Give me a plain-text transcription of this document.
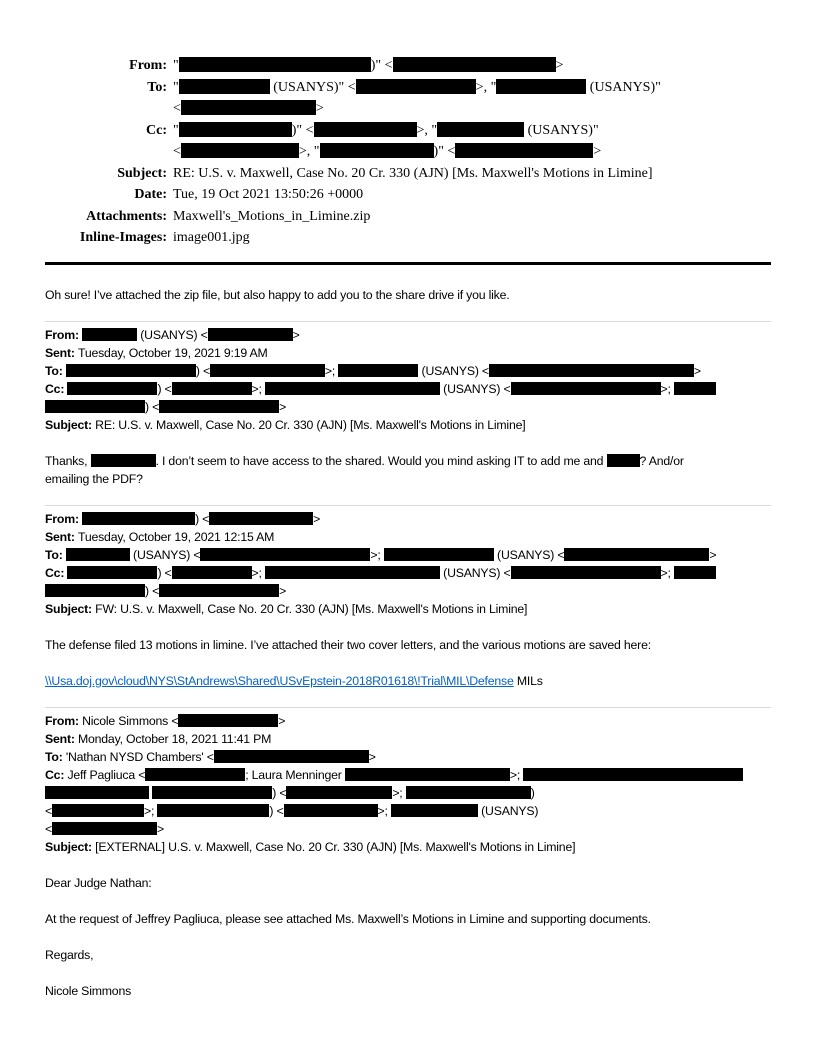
From: "	)" <	>
To: "	(USANYS)" <	>, "	(USANYS)"
<	>
Cc: "	)" <	>, "	(USANYS)"
<	>, "	)" <	>
Subject: RE: U.S. v. Maxwell, Case No. 20 Cr. 330 (AJN) [Ms. Maxwell's Motions in Limine]
Date: Tue, 19 Oct 2021 13:50:26 +0000
Attachments: Maxwell's_Motions_in_Limine.zip
Inline-Images: image001.jpg
Oh sure! I’ve attached the zip file, but also happy to add you to the share drive if you like.
From:	(USANYS) <	>
Sent: Tuesday, October 19, 2021 9:19 AM
To:	) <	>;	(USANYS) <	>
Cc:	) <	>;	(USANYS) <	>;
) <	>
Subject: RE: U.S. v. Maxwell, Case No. 20 Cr. 330 (AJN) [Ms. Maxwell's Motions in Limine]
Thanks,	. I don’t seem to have access to the shared. Would you mind asking IT to add me and	? And/or
emailing the PDF?
From:	) <	>
Sent: Tuesday, October 19, 2021 12:15 AM
To:	(USANYS) <	>;	(USANYS) <	>
Cc:	) <	>;	(USANYS) <	>;
) <	>
Subject: FW: U.S. v. Maxwell, Case No. 20 Cr. 330 (AJN) [Ms. Maxwell's Motions in Limine]
The defense filed 13 motions in limine. I’ve attached their two cover letters, and the various motions are saved here:
\\Usa.doj.gov\cloud\NYS\StAndrews\Shared\USvEpstein-2018R01618\!Trial\MIL\Defense MILs
From: Nicole Simmons <	>
Sent: Monday, October 18, 2021 11:41 PM
To: 'Nathan NYSD Chambers' <	>
Cc: Jeff Pagliuca <	; Laura Menninger	>;
) <	>;	)
<	>;	) <	>;	(USANYS)
<	>
Subject: [EXTERNAL] U.S. v. Maxwell, Case No. 20 Cr. 330 (AJN) [Ms. Maxwell's Motions in Limine]
Dear Judge Nathan:
At the request of Jeffrey Pagliuca, please see attached Ms. Maxwell’s Motions in Limine and supporting documents.
Regards,
Nicole Simmons
